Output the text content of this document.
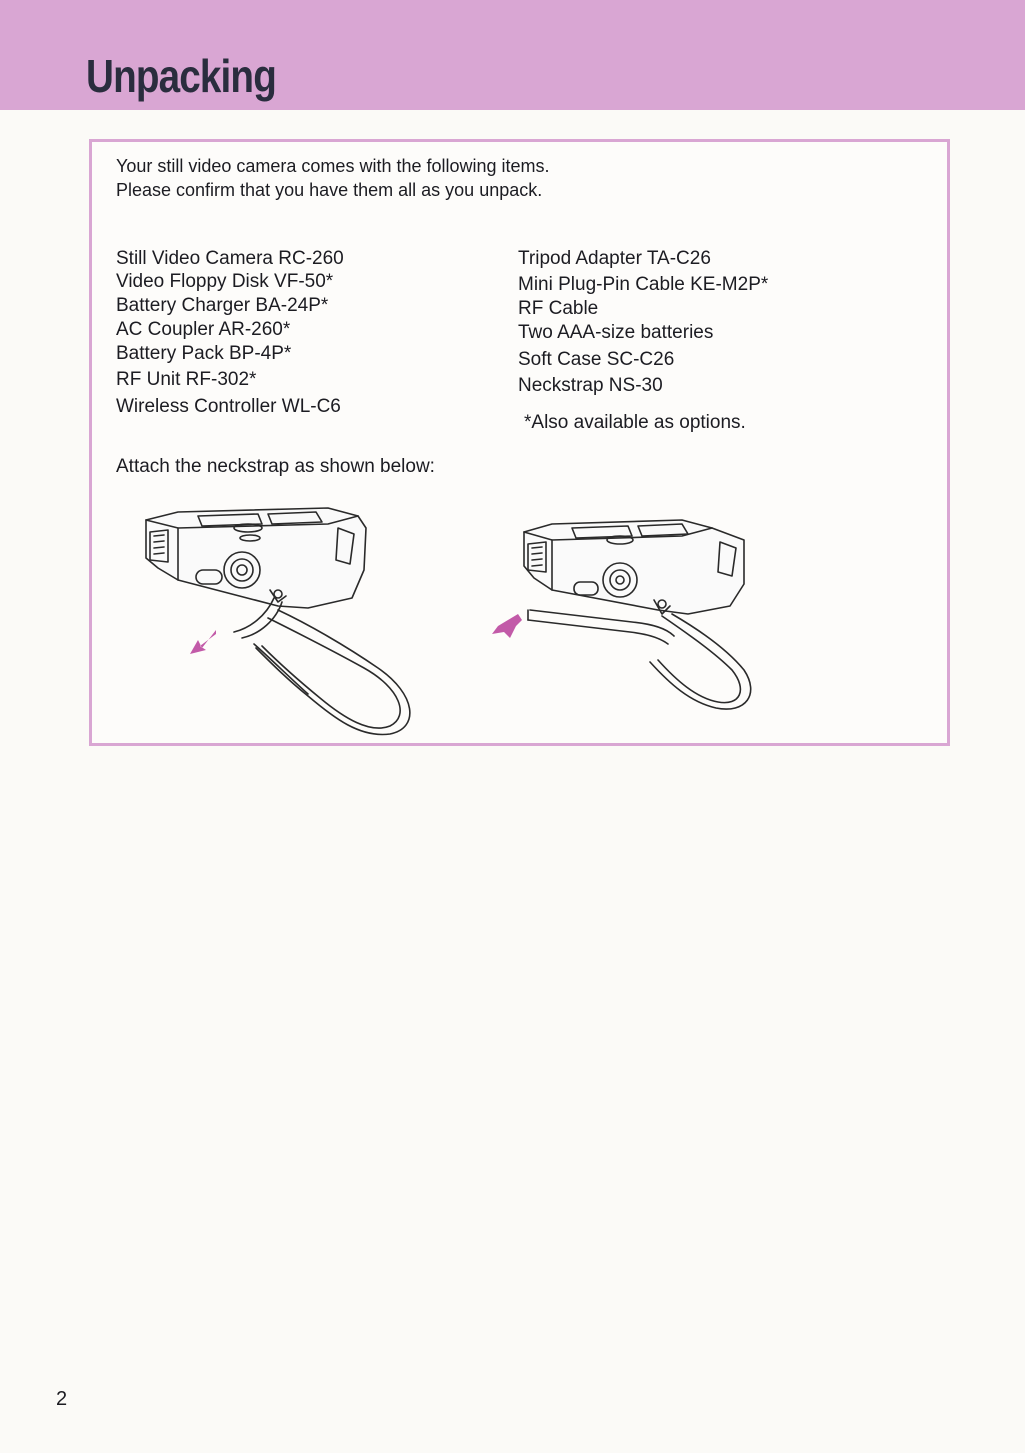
Unpacking

Your still video camera comes with the following items.
Please confirm that you have them all as you unpack.

Still Video Camera RC-260
Video Floppy Disk VF-50*
Battery Charger BA-24P*
AC Coupler AR-260*
Battery Pack BP-4P*
RF Unit RF-302*
Wireless Controller WL-C6
Tripod Adapter TA-C26
Mini Plug-Pin Cable KE-M2P*
RF Cable
Two AAA-size batteries
Soft Case SC-C26
Neckstrap NS-30

*Also available as options.

Attach the neckstrap as shown below:

2
